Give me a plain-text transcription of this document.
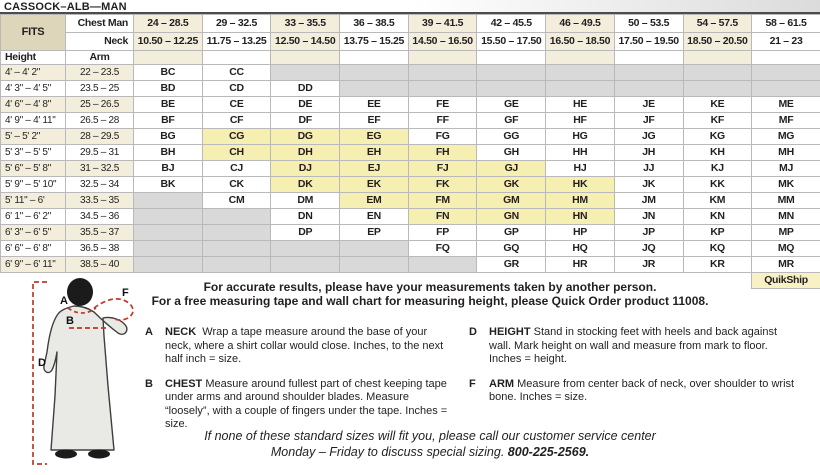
CASSOCK–ALB—MAN
FITS	Chest Man	24 – 28.5	29 – 32.5	33 – 35.5	36 – 38.5	39 – 41.5	42 – 45.5	46 – 49.5	50 – 53.5	54 – 57.5	58 – 61.5
	Neck	10.50 – 12.25	11.75 – 13.25	12.50 – 14.50	13.75 – 15.25	14.50 – 16.50	15.50 – 17.50	16.50 – 18.50	17.50 – 19.50	18.50 – 20.50	21 – 23
Height	Arm										
4' – 4' 2"	22 – 23.5	BC	CC								
4' 3" – 4' 5"	23.5 – 25	BD	CD	DD							
4' 6" – 4' 8"	25 – 26.5	BE	CE	DE	EE	FE	GE	HE	JE	KE	ME
4' 9" – 4' 11"	26.5 – 28	BF	CF	DF	EF	FF	GF	HF	JF	KF	MF
5' – 5' 2"	28 – 29.5	BG	CG	DG	EG	FG	GG	HG	JG	KG	MG
5' 3" – 5' 5"	29.5 – 31	BH	CH	DH	EH	FH	GH	HH	JH	KH	MH
5' 6" – 5' 8"	31 – 32.5	BJ	CJ	DJ	EJ	FJ	GJ	HJ	JJ	KJ	MJ
5' 9" – 5' 10"	32.5 – 34	BK	CK	DK	EK	FK	GK	HK	JK	KK	MK
5' 11" – 6'	33.5 – 35		CM	DM	EM	FM	GM	HM	JM	KM	MM
6' 1" – 6' 2"	34.5 – 36			DN	EN	FN	GN	HN	JN	KN	MN
6' 3" – 6' 5"	35.5 – 37			DP	EP	FP	GP	HP	JP	KP	MP
6' 6" – 6' 8"	36.5 – 38					FQ	GQ	HQ	JQ	KQ	MQ
6' 9" – 6' 11"	38.5 – 40						GR	HR	JR	KR	MR
											QuikShip
A
B
D
F	For accurate results, please have your measurements taken by another person.
For a free measuring tape and wall chart for measuring height, please Quick Order product 11008.
A	NECK Wrap a tape measure around the base of your neck, where a shirt collar would close. Inches, to the next half inch = size.
B	CHEST Measure around fullest part of chest keeping tape under arms and around shoulder blades. Measure “loosely”, with a couple of fingers under the tape. Inches = size.
D	HEIGHT Stand in stocking feet with heels and back against wall. Mark height on wall and measure from mark to floor. Inches = height.
F	ARM Measure from center back of neck, over shoulder to wrist bone. Inches = size.
If none of these standard sizes will fit you, please call our customer service center
Monday – Friday to discuss special sizing. 800-225-2569.
